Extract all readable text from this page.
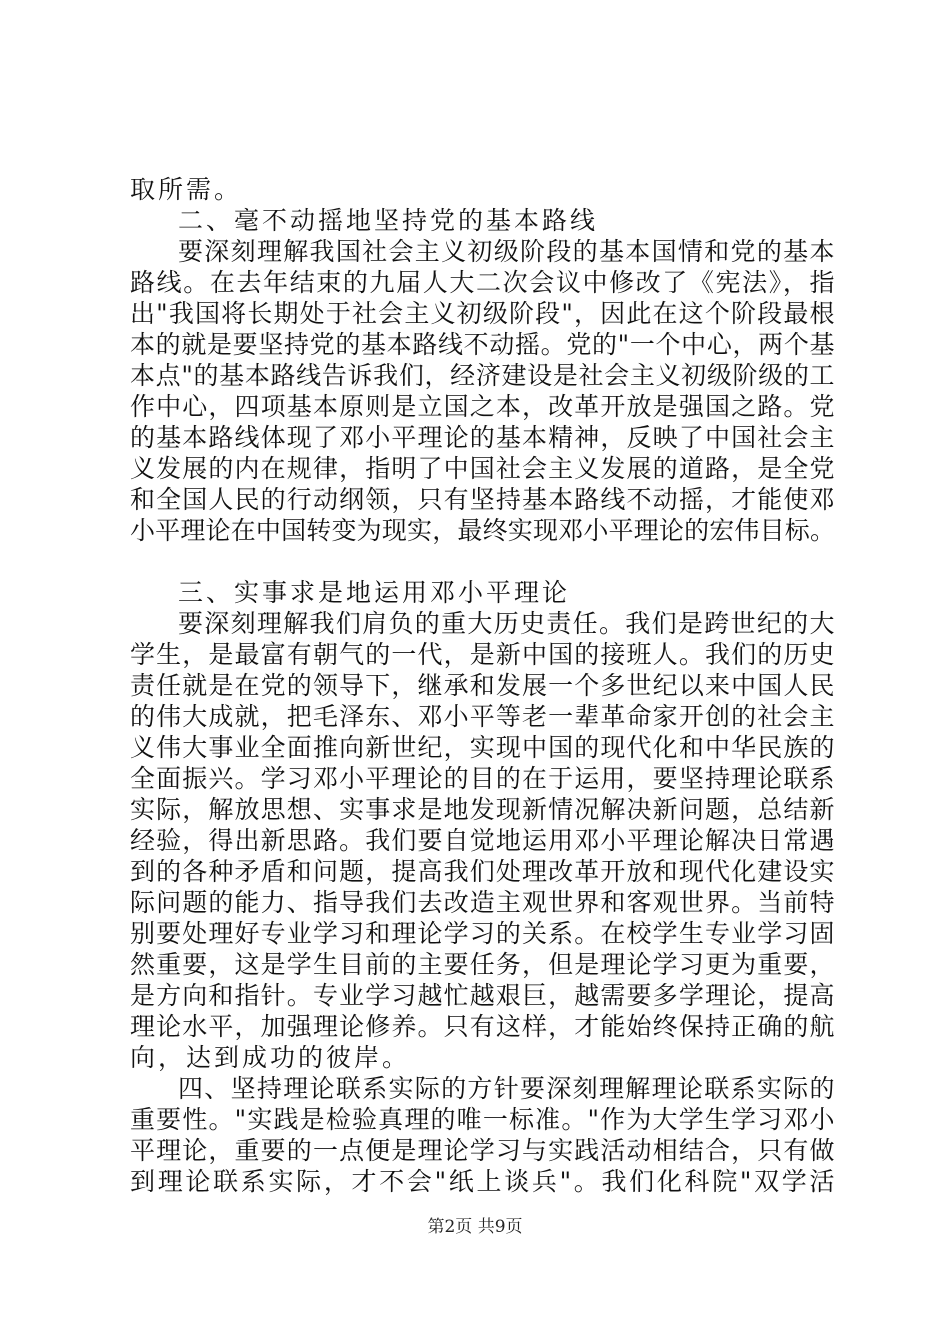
取所需。
二、毫不动摇地坚持党的基本路线
要深刻理解我国社会主义初级阶段的基本国情和党的基本
路线。在去年结束的九届人大二次会议中修改了《宪法》，指
出"我国将长期处于社会主义初级阶段"，因此在这个阶段最根
本的就是要坚持党的基本路线不动摇。党的"一个中心，两个基
本点"的基本路线告诉我们，经济建设是社会主义初级阶级的工
作中心，四项基本原则是立国之本，改革开放是强国之路。党
的基本路线体现了邓小平理论的基本精神，反映了中国社会主
义发展的内在规律，指明了中国社会主义发展的道路，是全党
和全国人民的行动纲领，只有坚持基本路线不动摇，才能使邓
小平理论在中国转变为现实，最终实现邓小平理论的宏伟目标。
三、实事求是地运用邓小平理论
要深刻理解我们肩负的重大历史责任。我们是跨世纪的大
学生，是最富有朝气的一代，是新中国的接班人。我们的历史
责任就是在党的领导下，继承和发展一个多世纪以来中国人民
的伟大成就，把毛泽东、邓小平等老一辈革命家开创的社会主
义伟大事业全面推向新世纪，实现中国的现代化和中华民族的
全面振兴。学习邓小平理论的目的在于运用，要坚持理论联系
实际，解放思想、实事求是地发现新情况解决新问题，总结新
经验，得出新思路。我们要自觉地运用邓小平理论解决日常遇
到的各种矛盾和问题，提高我们处理改革开放和现代化建设实
际问题的能力、指导我们去改造主观世界和客观世界。当前特
别要处理好专业学习和理论学习的关系。在校学生专业学习固
然重要，这是学生目前的主要任务，但是理论学习更为重要，
是方向和指针。专业学习越忙越艰巨，越需要多学理论，提高
理论水平，加强理论修养。只有这样，才能始终保持正确的航
向，达到成功的彼岸。
四、坚持理论联系实际的方针要深刻理解理论联系实际的
重要性。"实践是检验真理的唯一标准。"作为大学生学习邓小
平理论，重要的一点便是理论学习与实践活动相结合，只有做
到理论联系实际，才不会"纸上谈兵"。我们化科院"双学活
第2页 共9页
